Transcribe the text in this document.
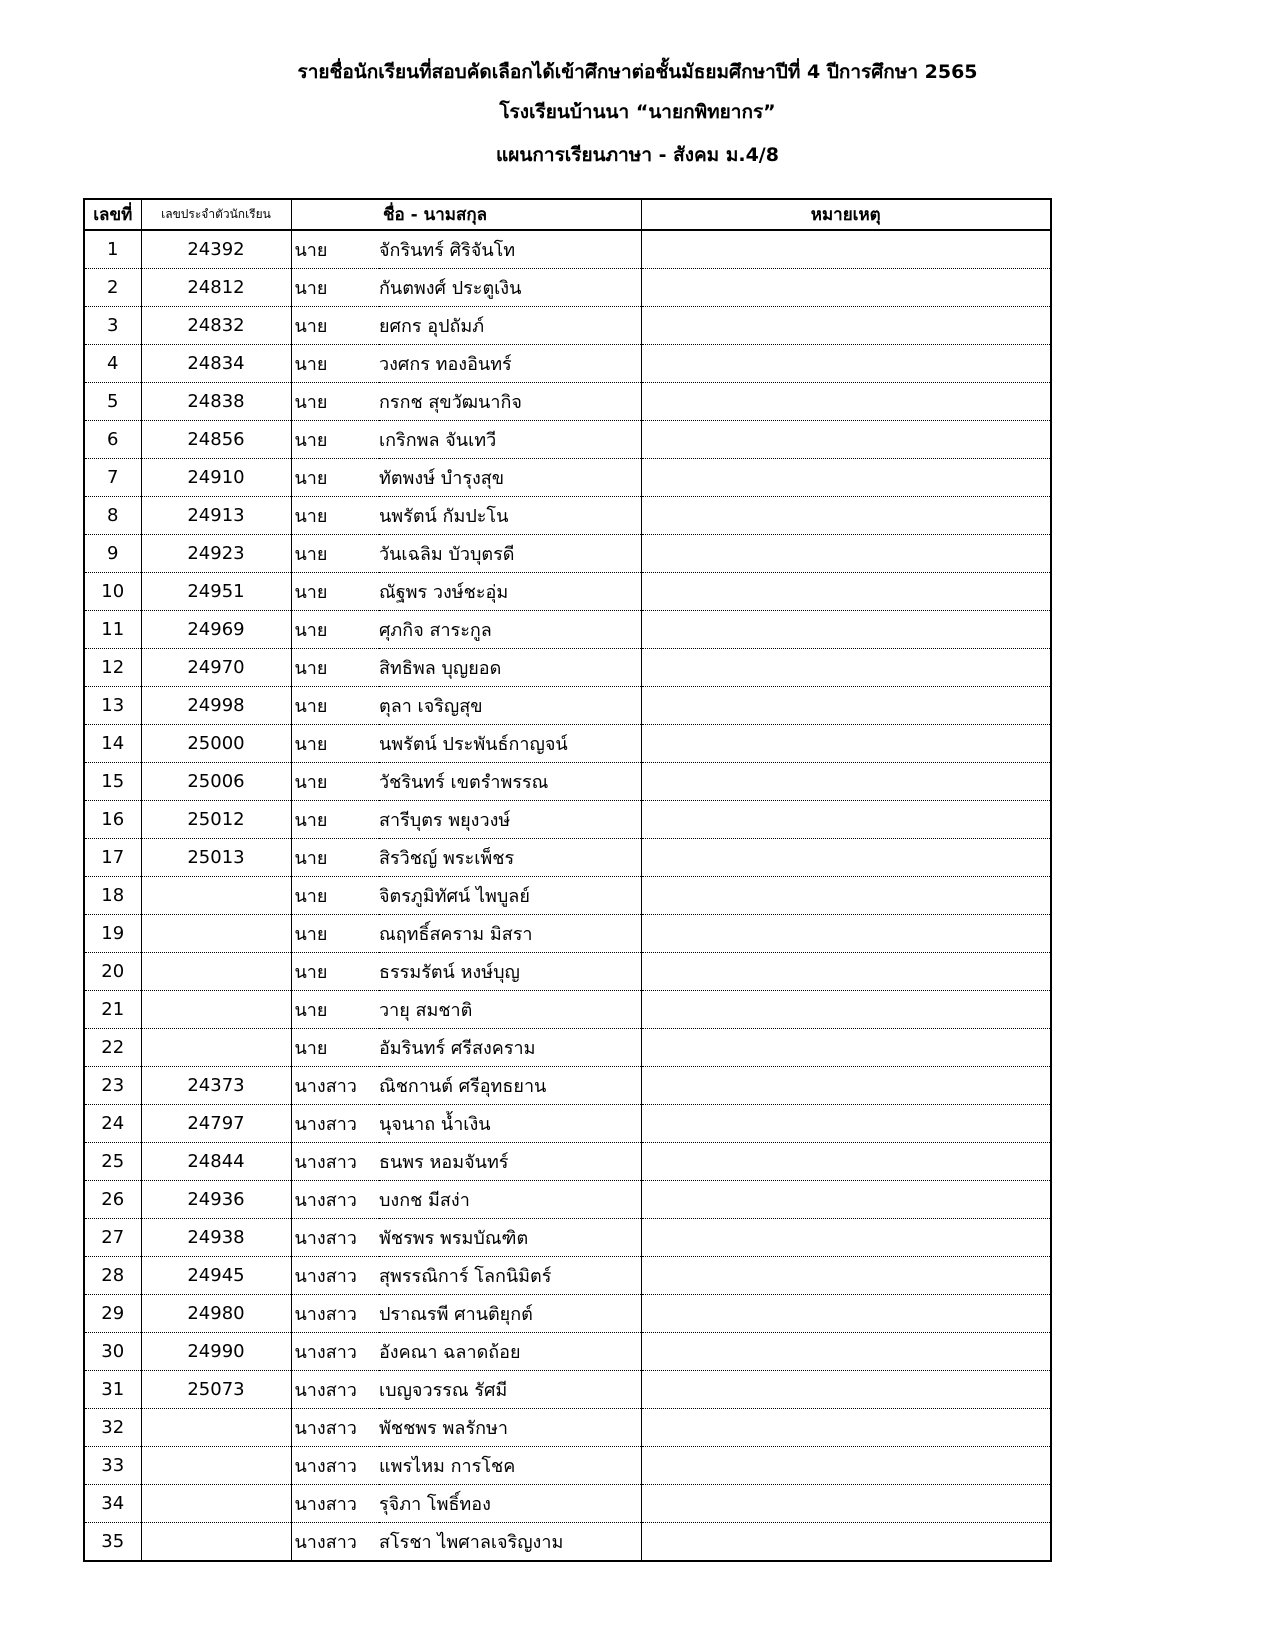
รายชื่อนักเรียนที่สอบคัดเลือกได้เข้าศึกษาต่อชั้นมัธยมศึกษาปีที่ 4 ปีการศึกษา 2565
โรงเรียนบ้านนา “นายกพิทยากร”
แผนการเรียนภาษา - สังคม ม.4/8
เลขที่	เลขประจำตัวนักเรียน		ชื่อ - นามสกุล	หมายเหตุ
1	24392	นาย	จักรินทร์ ศิริจันโท	
2	24812	นาย	กันตพงศ์ ประตูเงิน	
3	24832	นาย	ยศกร อุปถัมภ์	
4	24834	นาย	วงศกร ทองอินทร์	
5	24838	นาย	กรกช สุขวัฒนากิจ	
6	24856	นาย	เกริกพล จันเทวี	
7	24910	นาย	ทัตพงษ์ บำรุงสุข	
8	24913	นาย	นพรัตน์ กัมปะโน	
9	24923	นาย	วันเฉลิม บัวบุตรดี	
10	24951	นาย	ณัฐพร วงษ์ชะอุ่ม	
11	24969	นาย	ศุภกิจ สาระกูล	
12	24970	นาย	สิทธิพล บุญยอด	
13	24998	นาย	ตุลา เจริญสุข	
14	25000	นาย	นพรัตน์ ประพันธ์กาญจน์	
15	25006	นาย	วัชรินทร์ เขตรำพรรณ	
16	25012	นาย	สารีบุตร พยุงวงษ์	
17	25013	นาย	สิรวิชญ์ พระเพ็ชร	
18		นาย	จิตรภูมิทัศน์ ไพบูลย์	
19		นาย	ณฤทธิ์สคราม มิสรา	
20		นาย	ธรรมรัตน์ หงษ์บุญ	
21		นาย	วายุ สมชาติ	
22		นาย	อัมรินทร์ ศรีสงคราม	
23	24373	นางสาว	ณิชกานต์ ศรีอุทธยาน	
24	24797	นางสาว	นุจนาถ น้ำเงิน	
25	24844	นางสาว	ธนพร หอมจันทร์	
26	24936	นางสาว	บงกช มีสง่า	
27	24938	นางสาว	พัชรพร พรมบัณฑิต	
28	24945	นางสาว	สุพรรณิการ์ โลกนิมิตร์	
29	24980	นางสาว	ปราณรพี ศานติยุกต์	
30	24990	นางสาว	อังคณา ฉลาดถ้อย	
31	25073	นางสาว	เบญจวรรณ รัศมี	
32		นางสาว	พัชชพร พลรักษา	
33		นางสาว	แพรไหม การโชค	
34		นางสาว	รุจิภา โพธิ์ทอง	
35		นางสาว	สโรชา ไพศาลเจริญงาม	
